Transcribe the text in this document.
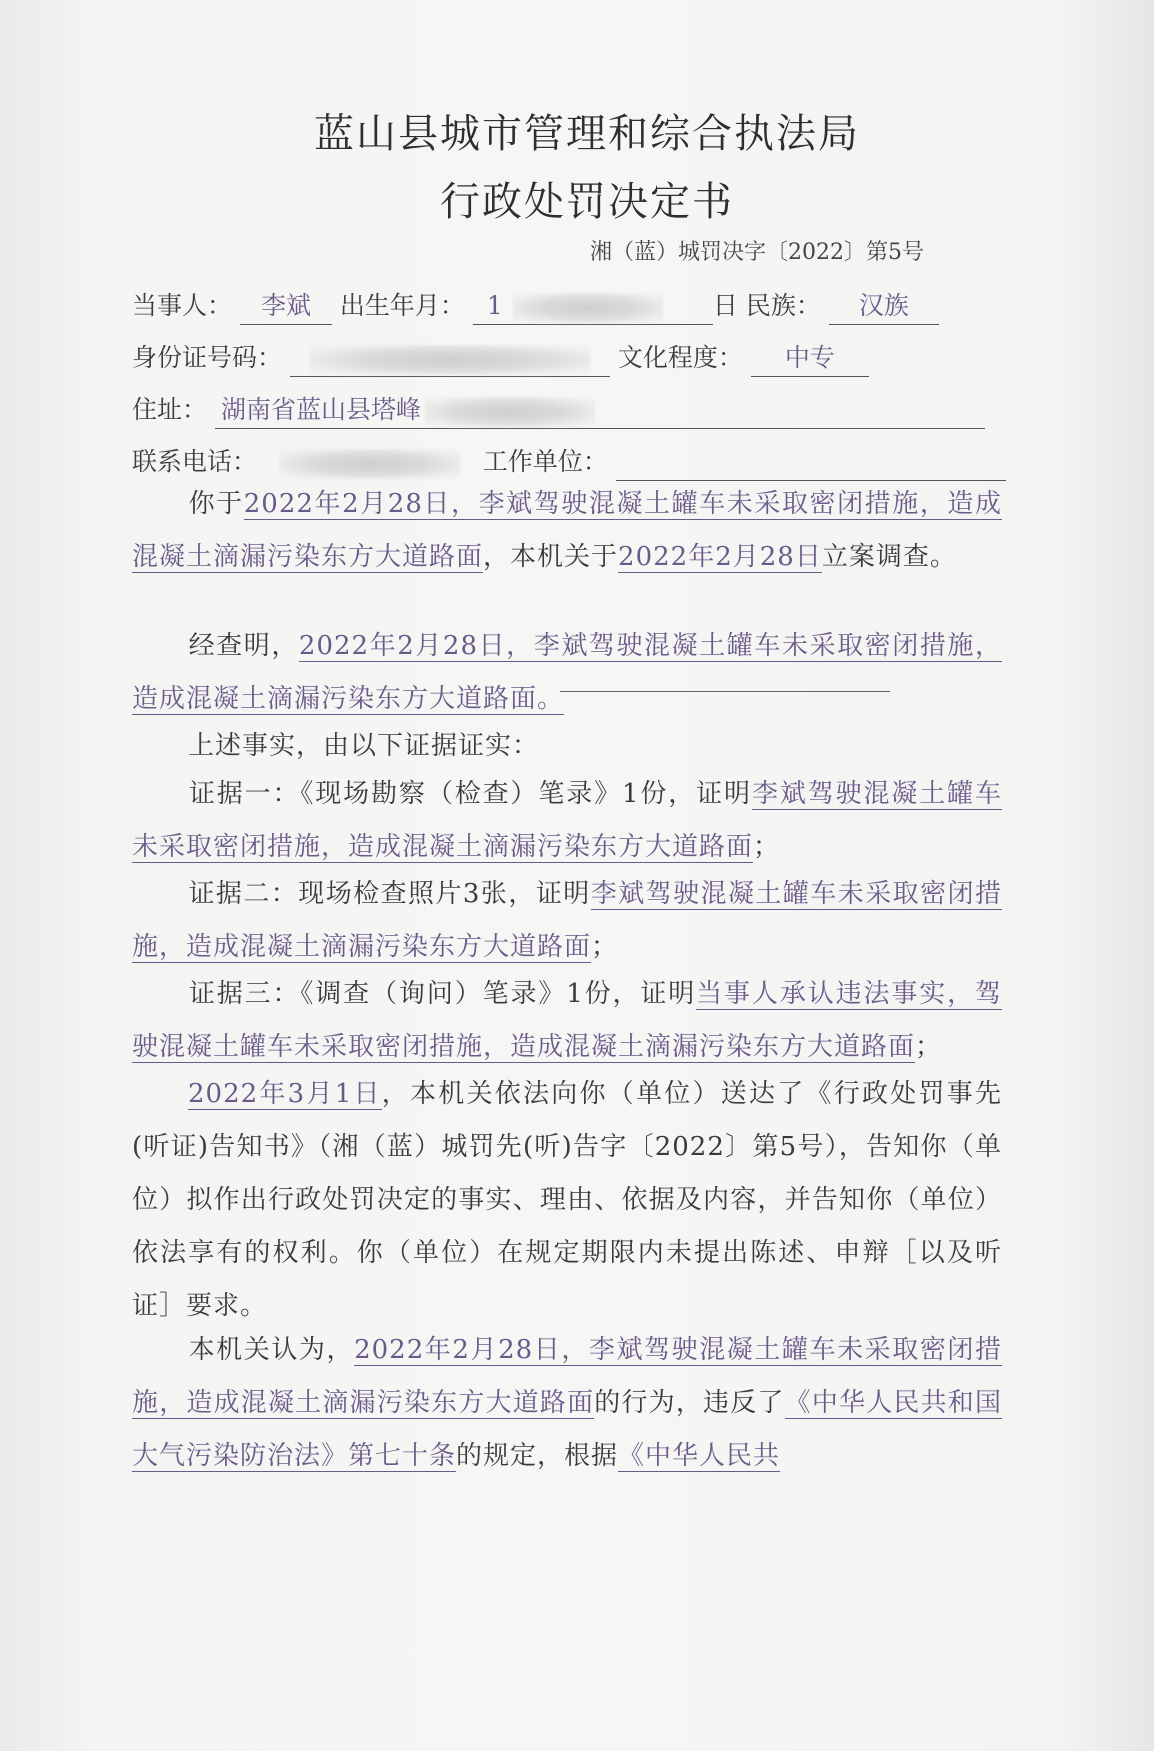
蓝山县城市管理和综合执法局
行政处罚决定书
湘（蓝）城罚决字〔2022〕第5号
当事人： 李斌 出生年月： 1	日 民族： 汉族
身份证号码：	文化程度： 中专
住址： 湖南省蓝山县塔峰
联系电话：	工作单位：
你于2022年2月28日，李斌驾驶混凝土罐车未采取密闭措施，造成混凝土滴漏污染东方大道路面，本机关于2022年2月28日立案调查。
经查明，2022年2月28日，李斌驾驶混凝土罐车未采取密闭措施，造成混凝土滴漏污染东方大道路面。
上述事实，由以下证据证实：
证据一：《现场勘察（检查）笔录》1份，证明李斌驾驶混凝土罐车未采取密闭措施，造成混凝土滴漏污染东方大道路面；
证据二：现场检查照片3张，证明李斌驾驶混凝土罐车未采取密闭措施，造成混凝土滴漏污染东方大道路面；
证据三：《调查（询问）笔录》1份，证明当事人承认违法事实，驾驶混凝土罐车未采取密闭措施，造成混凝土滴漏污染东方大道路面；
2022年3月1日，本机关依法向你（单位）送达了《行政处罚事先(听证)告知书》（湘（蓝）城罚先(听)告字〔2022〕第5号），告知你（单位）拟作出行政处罚决定的事实、理由、依据及内容，并告知你（单位）依法享有的权利。你（单位）在规定期限内未提出陈述、申辩［以及听证］要求。
本机关认为，2022年2月28日，李斌驾驶混凝土罐车未采取密闭措施，造成混凝土滴漏污染东方大道路面的行为，违反了《中华人民共和国大气污染防治法》第七十条的规定，根据《中华人民共
